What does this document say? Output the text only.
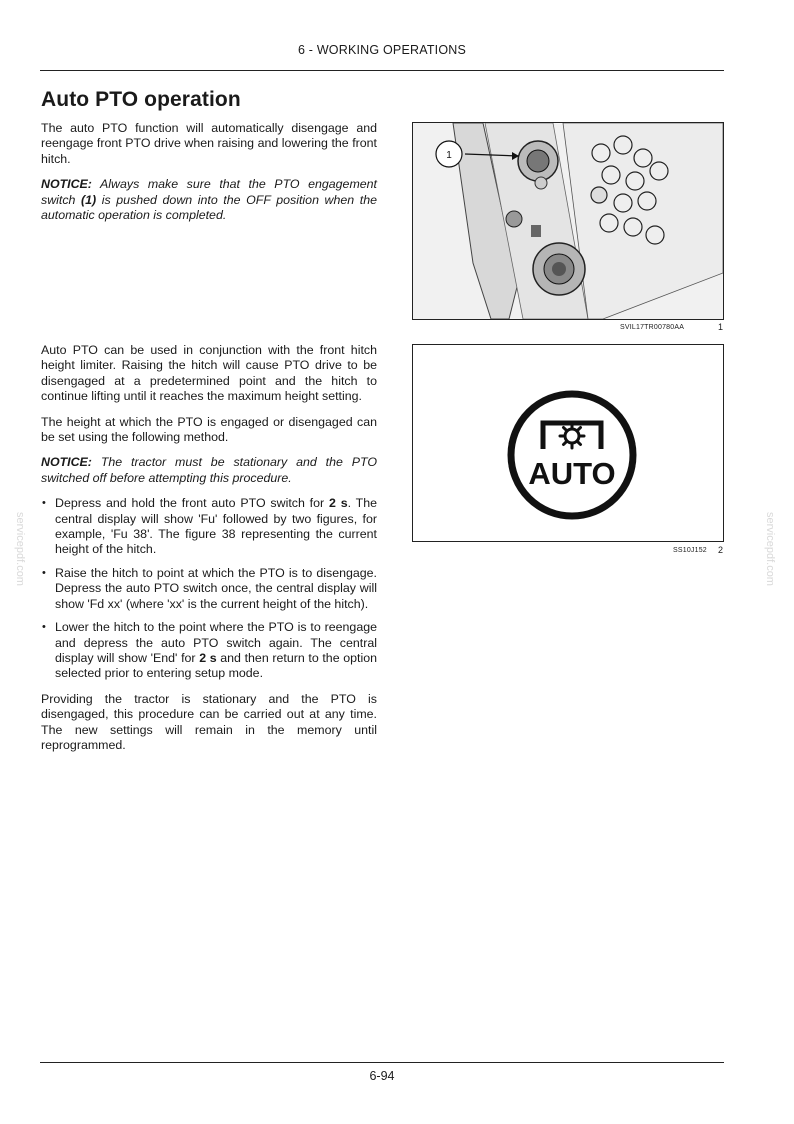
6 - WORKING OPERATIONS
Auto PTO operation

The auto PTO function will automatically disengage and reengage front PTO drive when raising and lowering the front hitch.

NOTICE: Always make sure that the PTO engagement switch (1) is pushed down into the OFF position when the automatic operation is completed.

Auto PTO can be used in conjunction with the front hitch height limiter. Raising the hitch will cause PTO drive to be disengaged at a predetermined point and the hitch to continue lifting until it reaches the maximum height setting.

The height at which the PTO is engaged or disengaged can be set using the following method.

NOTICE: The tractor must be stationary and the PTO switched off before attempting this procedure.

• Depress and hold the front auto PTO switch for 2 s. The central display will show 'Fu' followed by two figures, for example, 'Fu 38'. The figure 38 representing the current height of the hitch.
• Raise the hitch to point at which the PTO is to disengage. Depress the auto PTO switch once, the central display will show 'Fd xx' (where 'xx' is the current height of the hitch).
• Lower the hitch to the point where the PTO is to reengage and depress the auto PTO switch again. The central display will show 'End' for 2 s and then return to the option selected prior to entering setup mode.

Providing the tractor is stationary and the PTO is disengaged, this procedure can be carried out at any time. The new settings will remain in the memory until reprogrammed.

1
SVIL17TR00780AA	1
AUTO
SS10J152 2
servicepdf.com	servicepdf.com
6-94
